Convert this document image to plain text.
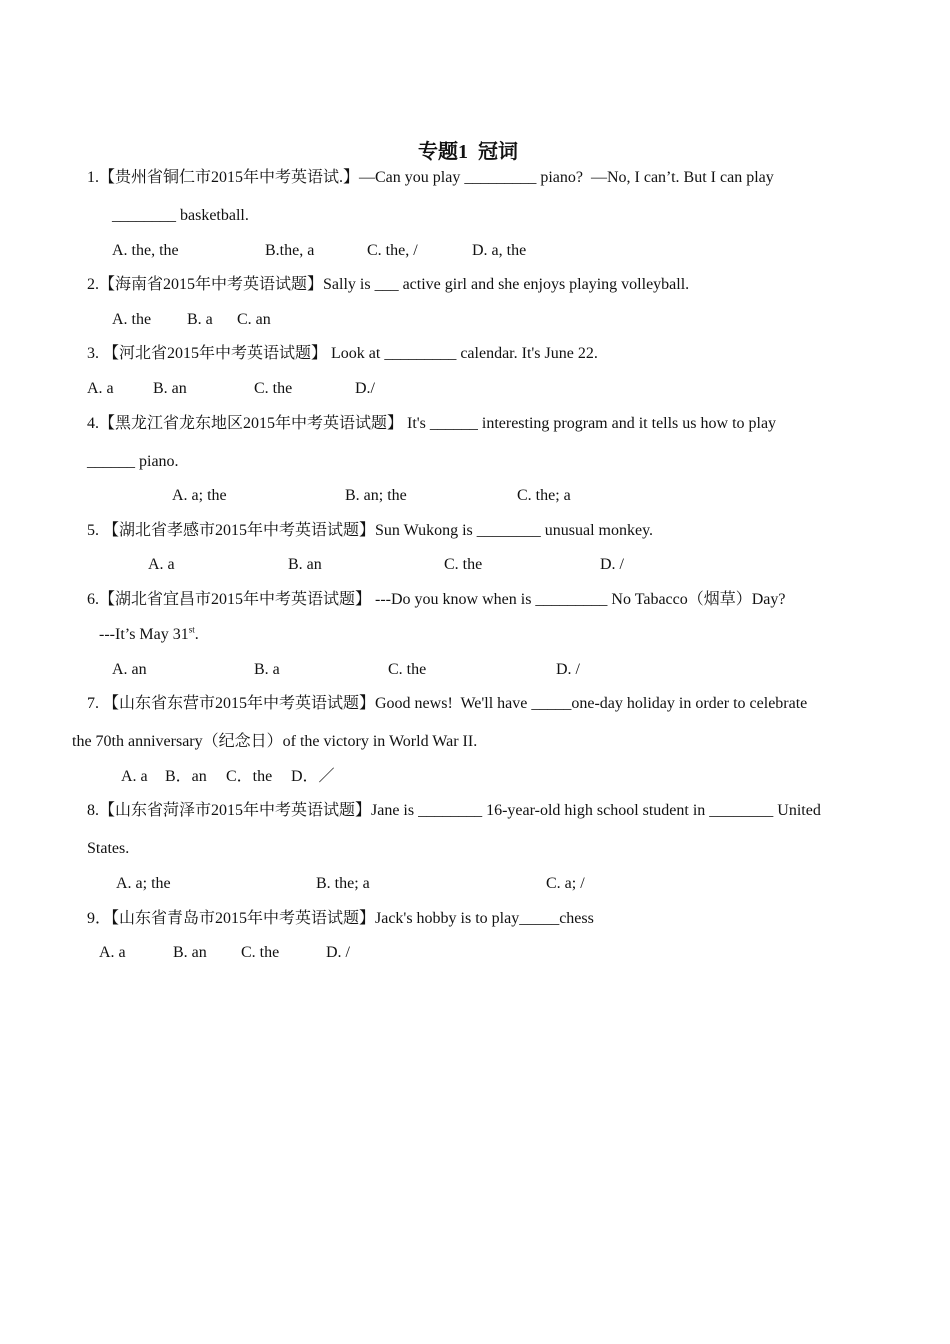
专题1  冠词
1.【贵州省铜仁市2015年中考英语试.】—Can you play _________ piano?  —No, I can’t. But I can play
________ basketball.
A. the, the	B.the, a	C. the, /	D. a, the
2.【海南省2015年中考英语试题】Sally is ___ active girl and she enjoys playing volleyball.
A. the B. a C. an
3. 【河北省2015年中考英语试题】 Look at _________ calendar. It's June 22.
A. a B. an	C. the	D./
4.【黑龙江省龙东地区2015年中考英语试题】 It's ______ interesting program and it tells us how to play
______ piano.
A. a; the	B. an; the	C. the; a
5. 【湖北省孝感市2015年中考英语试题】Sun Wukong is ________ unusual monkey.
A. a	B. an	C. the	D. /
6.【湖北省宜昌市2015年中考英语试题】 ---Do you know when is _________ No Tabacco（烟草）Day?
---It’s May 31st.
A. an	B. a	C. the	D. /
7. 【山东省东营市2015年中考英语试题】Good news!  We'll have _____one-day holiday in order to celebrate
the 70th anniversary（纪念日）of the victory in World War II.
A. a B．an C．the D．／
8.【山东省菏泽市2015年中考英语试题】Jane is ________ 16-year-old high school student in ________ United
States.
A. a; the	B. the; a	C. a; /
9．【山东省青岛市2015年中考英语试题】Jack's hobby is to play_____chess
A. a	B. an C. the	D. /
